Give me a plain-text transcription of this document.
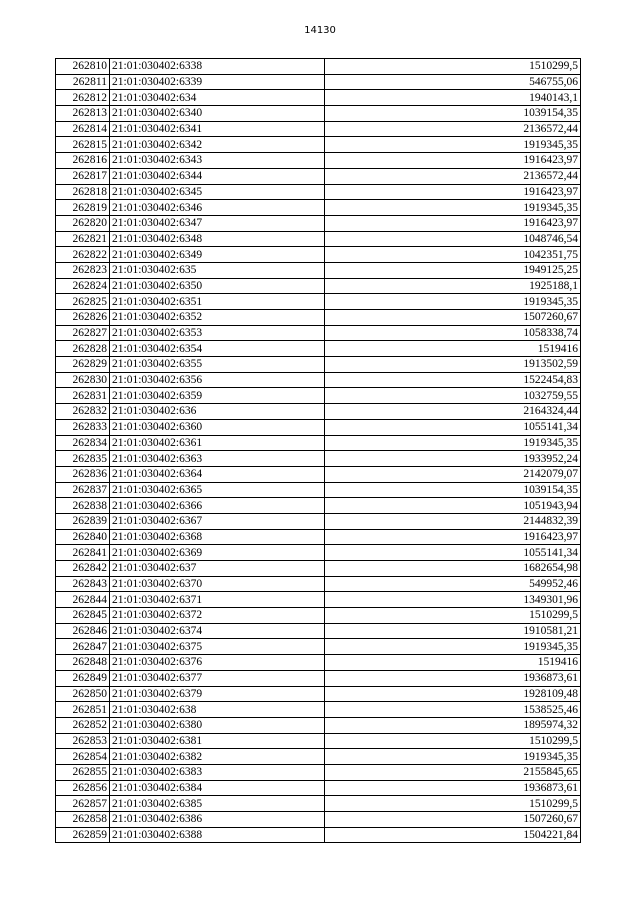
14130
262810	21:01:030402:6338	1510299,5
262811	21:01:030402:6339	546755,06
262812	21:01:030402:634	1940143,1
262813	21:01:030402:6340	1039154,35
262814	21:01:030402:6341	2136572,44
262815	21:01:030402:6342	1919345,35
262816	21:01:030402:6343	1916423,97
262817	21:01:030402:6344	2136572,44
262818	21:01:030402:6345	1916423,97
262819	21:01:030402:6346	1919345,35
262820	21:01:030402:6347	1916423,97
262821	21:01:030402:6348	1048746,54
262822	21:01:030402:6349	1042351,75
262823	21:01:030402:635	1949125,25
262824	21:01:030402:6350	1925188,1
262825	21:01:030402:6351	1919345,35
262826	21:01:030402:6352	1507260,67
262827	21:01:030402:6353	1058338,74
262828	21:01:030402:6354	1519416
262829	21:01:030402:6355	1913502,59
262830	21:01:030402:6356	1522454,83
262831	21:01:030402:6359	1032759,55
262832	21:01:030402:636	2164324,44
262833	21:01:030402:6360	1055141,34
262834	21:01:030402:6361	1919345,35
262835	21:01:030402:6363	1933952,24
262836	21:01:030402:6364	2142079,07
262837	21:01:030402:6365	1039154,35
262838	21:01:030402:6366	1051943,94
262839	21:01:030402:6367	2144832,39
262840	21:01:030402:6368	1916423,97
262841	21:01:030402:6369	1055141,34
262842	21:01:030402:637	1682654,98
262843	21:01:030402:6370	549952,46
262844	21:01:030402:6371	1349301,96
262845	21:01:030402:6372	1510299,5
262846	21:01:030402:6374	1910581,21
262847	21:01:030402:6375	1919345,35
262848	21:01:030402:6376	1519416
262849	21:01:030402:6377	1936873,61
262850	21:01:030402:6379	1928109,48
262851	21:01:030402:638	1538525,46
262852	21:01:030402:6380	1895974,32
262853	21:01:030402:6381	1510299,5
262854	21:01:030402:6382	1919345,35
262855	21:01:030402:6383	2155845,65
262856	21:01:030402:6384	1936873,61
262857	21:01:030402:6385	1510299,5
262858	21:01:030402:6386	1507260,67
262859	21:01:030402:6388	1504221,84
